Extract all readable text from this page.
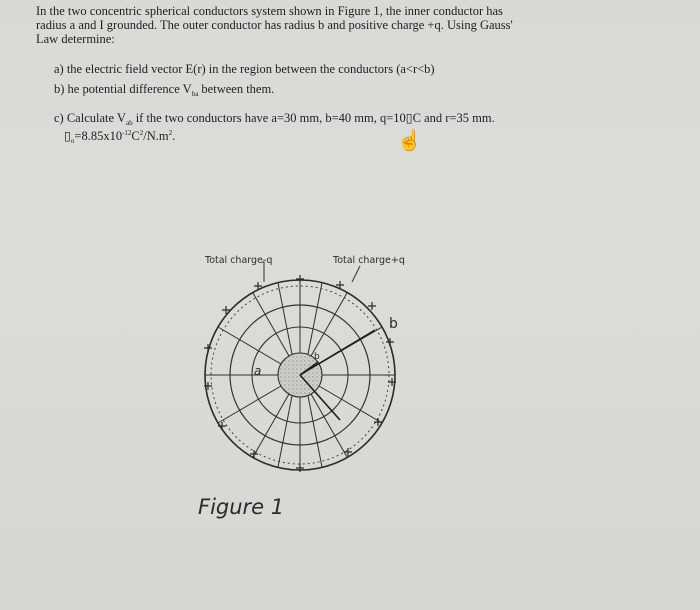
In the two concentric spherical conductors system shown in Figure 1, the inner conductor has
radius a and I grounded. The outer conductor has radius b and positive charge +q. Using Gauss'
Law determine:
a) the electric field vector E(r) in the region between the conductors (a<r<b)
b) he potential difference $V_{ba}$ between them.
c) Calculate $V_{ab}$ if the two conductors have a=30 mm, b=40 mm, q=10▯C and r=35 mm.
$▯_o=8.85x10^{-12}C^2/N.m^2$.	☝
Total charge-q	Total charge+q
a
b
b
Figure 1
